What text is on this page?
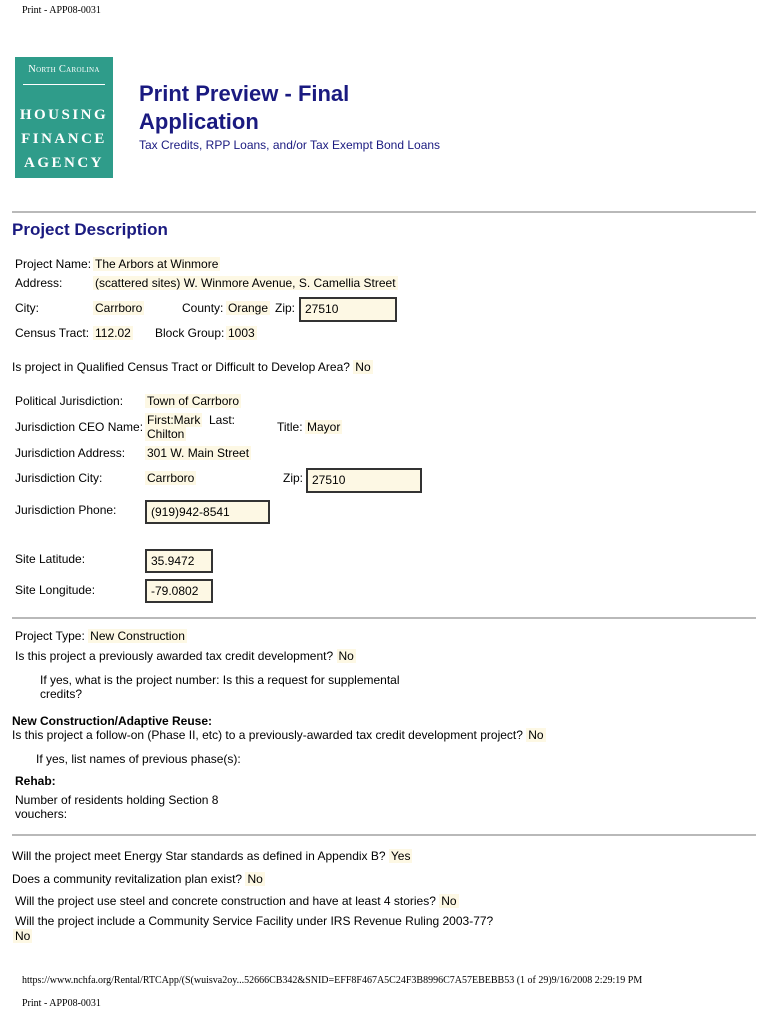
Print - APP08-0031
North Carolina
HOUSING
FINANCE
AGENCY
Print Preview - Final
Application
Tax Credits, RPP Loans, and/or Tax Exempt Bond Loans
Project Description
Project Name: The Arbors at Winmore
Address:	(scattered sites) W. Winmore Avenue, S. Camellia Street
City:	Carrboro	County: Orange Zip: 27510
Census Tract: 112.02 Block Group: 1003
Is project in Qualified Census Tract or Difficult to Develop Area? No
Political Jurisdiction: Town of Carrboro
Jurisdiction CEO Name: First:Mark Last:
Chilton	Title: Mayor
Jurisdiction Address: 301 W. Main Street
Jurisdiction City:	Carrboro	Zip: 27510
Jurisdiction Phone:	(919)942-8541
Site Latitude:	35.9472
Site Longitude:	-79.0802
Project Type: New Construction
Is this project a previously awarded tax credit development? No
If yes, what is the project number: Is this a request for supplemental
credits?
New Construction/Adaptive Reuse:
Is this project a follow-on (Phase II, etc) to a previously-awarded tax credit development project? No
If yes, list names of previous phase(s):
Rehab:
Number of residents holding Section 8
vouchers:
Will the project meet Energy Star standards as defined in Appendix B? Yes
Does a community revitalization plan exist? No
Will the project use steel and concrete construction and have at least 4 stories? No
Will the project include a Community Service Facility under IRS Revenue Ruling 2003-77?
No
https://www.nchfa.org/Rental/RTCApp/(S(wuisva2oy...52666CB342&SNID=EFF8F467A5C24F3B8996C7A57EBEBB53 (1 of 29)9/16/2008 2:29:19 PM
Print - APP08-0031
